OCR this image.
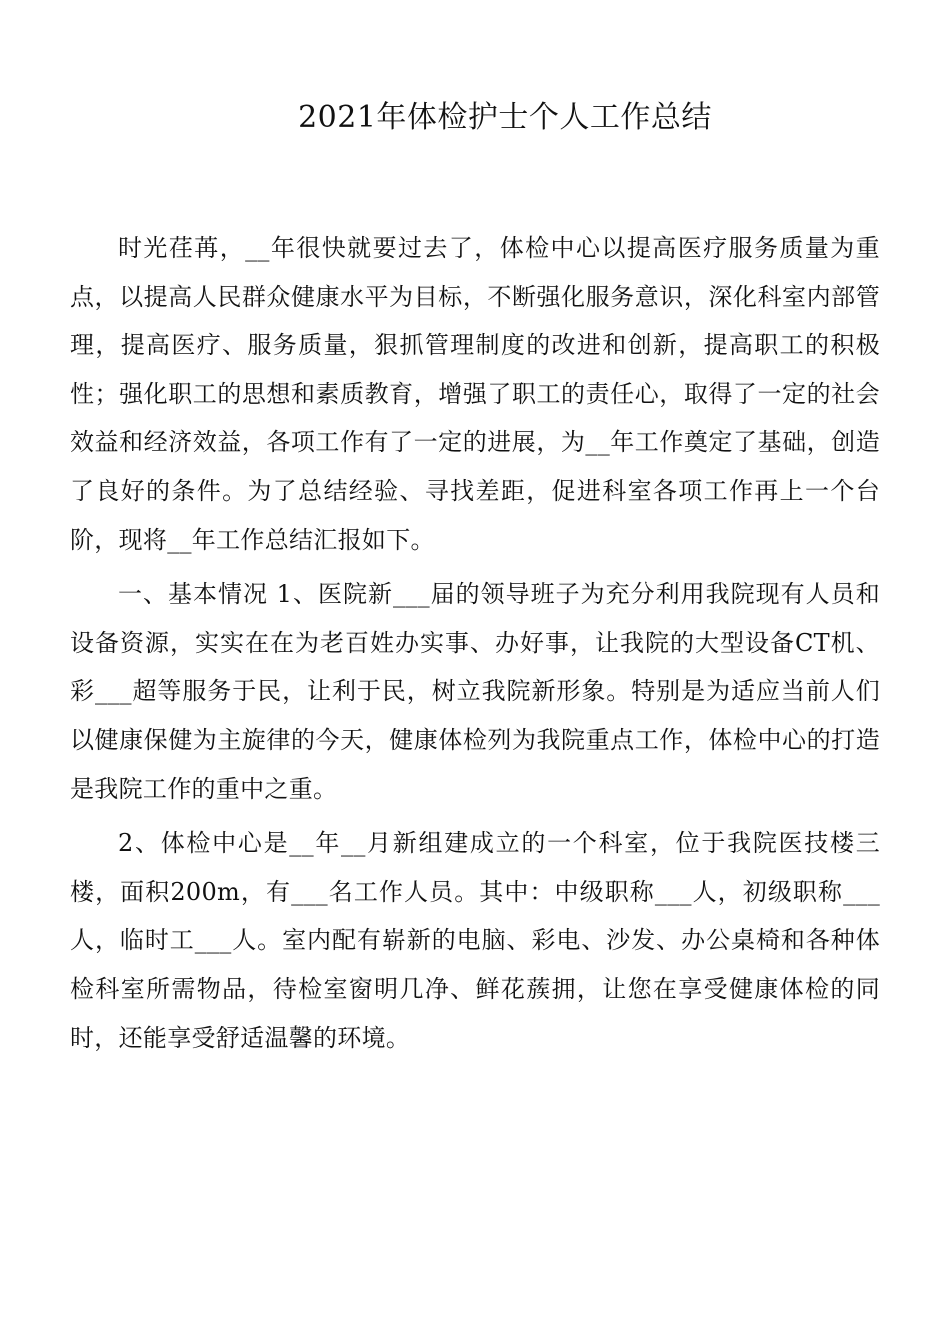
2021年体检护士个人工作总结

时光荏苒，__年很快就要过去了，体检中心以提高医疗服务质量为重点，以提高人民群众健康水平为目标，不断强化服务意识，深化科室内部管理，提高医疗、服务质量，狠抓管理制度的改进和创新，提高职工的积极性；强化职工的思想和素质教育，增强了职工的责任心，取得了一定的社会效益和经济效益，各项工作有了一定的进展，为__年工作奠定了基础，创造了良好的条件。为了总结经验、寻找差距，促进科室各项工作再上一个台阶，现将__年工作总结汇报如下。

一、基本情况 1、医院新___届的领导班子为充分利用我院现有人员和设备资源，实实在在为老百姓办实事、办好事，让我院的大型设备CT机、彩___超等服务于民，让利于民，树立我院新形象。特别是为适应当前人们以健康保健为主旋律的今天，健康体检列为我院重点工作，体检中心的打造是我院工作的重中之重。

2、体检中心是__年__月新组建成立的一个科室，位于我院医技楼三楼，面积200m，有___名工作人员。其中：中级职称___人，初级职称___人，临时工___人。室内配有崭新的电脑、彩电、沙发、办公桌椅和各种体检科室所需物品，待检室窗明几净、鲜花蔟拥，让您在享受健康体检的同时，还能享受舒适温馨的环境。
